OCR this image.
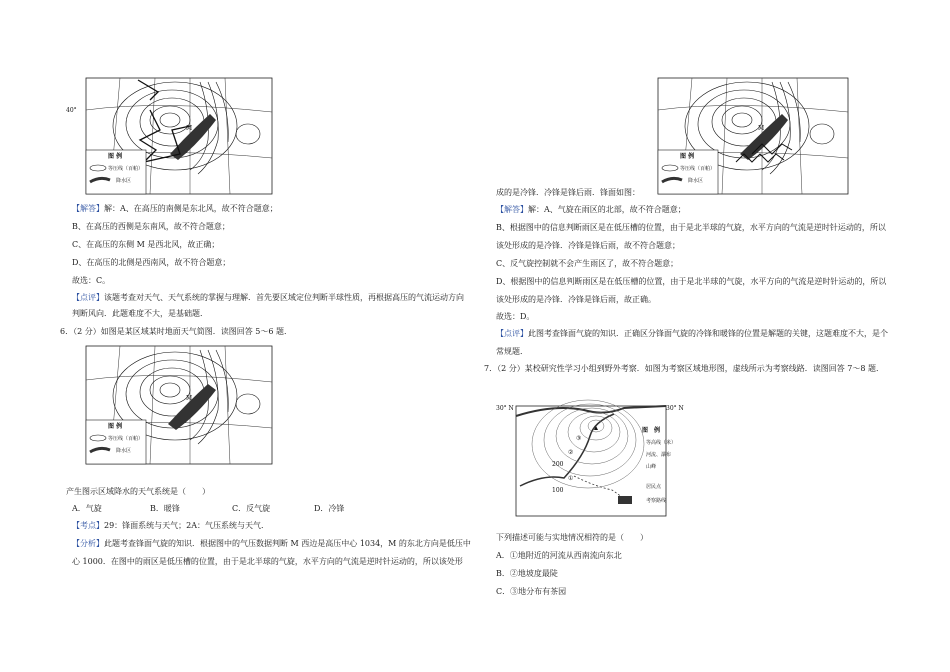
40°
M
图 例
等压线（百帕）
降水区
【解答】 解：A、在高压的南侧是东北风，故不符合题意；
B、在高压的西侧是东南风，故不符合题意；
C、在高压的东侧 M 是西北风，故正确；
D、在高压的北侧是西南风，故不符合题意；
故选：C。
【点评】 该题考查对天气、天气系统的掌握与理解．首先要区域定位判断半球性质，再根据高压的气流运动方向
判断风向．此题难度不大，是基础题．
6．（2 分）如图是某区域某时地面天气简图．读图回答 5～6 题．
M
图 例
等压线（百帕）
降水区
产生图示区域降水的天气系统是（　　）
A．气旋	B．暖锋	C．反气旋	D．冷锋
【考点】 29：锋面系统与天气；2A：气压系统与天气．
【分析】 此题考查锋面气旋的知识．根据图中的气压数据判断 M 西边是高压中心 1034，M 的东北方向是低压中
心 1000．在图中的雨区是低压槽的位置，由于是北半球的气旋，水平方向的气流是逆时针运动的，所以该处形
M
图 例
等压线（百帕）
降水区
成的是冷锋．冷锋是锋后雨．锋面如图：
【解答】 解：A、气旋在雨区的北部，故不符合题意；
B、根据图中的信息判断雨区是在低压槽的位置，由于是北半球的气旋，水平方向的气流是逆时针运动的，所以
该处形成的是冷锋．冷锋是锋后雨，故不符合题意；
C、反气旋控制就不会产生雨区了，故不符合题意；
D、根据图中的信息判断雨区是在低压槽的位置，由于是北半球的气旋，水平方向的气流是逆时针运动的，所以
该处形成的是冷锋．冷锋是锋后雨，故正确。
故选：D。
【点评】 此图考查锋面气旋的知识．正确区分锋面气旋的冷锋和暖锋的位置是解题的关键，这题难度不大，是个
常规题．
7．（2 分）某校研究性学习小组到野外考察．如图为考察区域地形图，虚线所示为考察线路．读图回答 7～8 题．
30° N	30° N
③
②
200
①
100
图　例
等高线（米）
河流、瀑布
山峰
居民点
考察路线
下列描述可能与实地情况相符的是（　　）
A．①地附近的河流从西南流向东北
B．②地坡度最陡
C．③地分布有茶园
